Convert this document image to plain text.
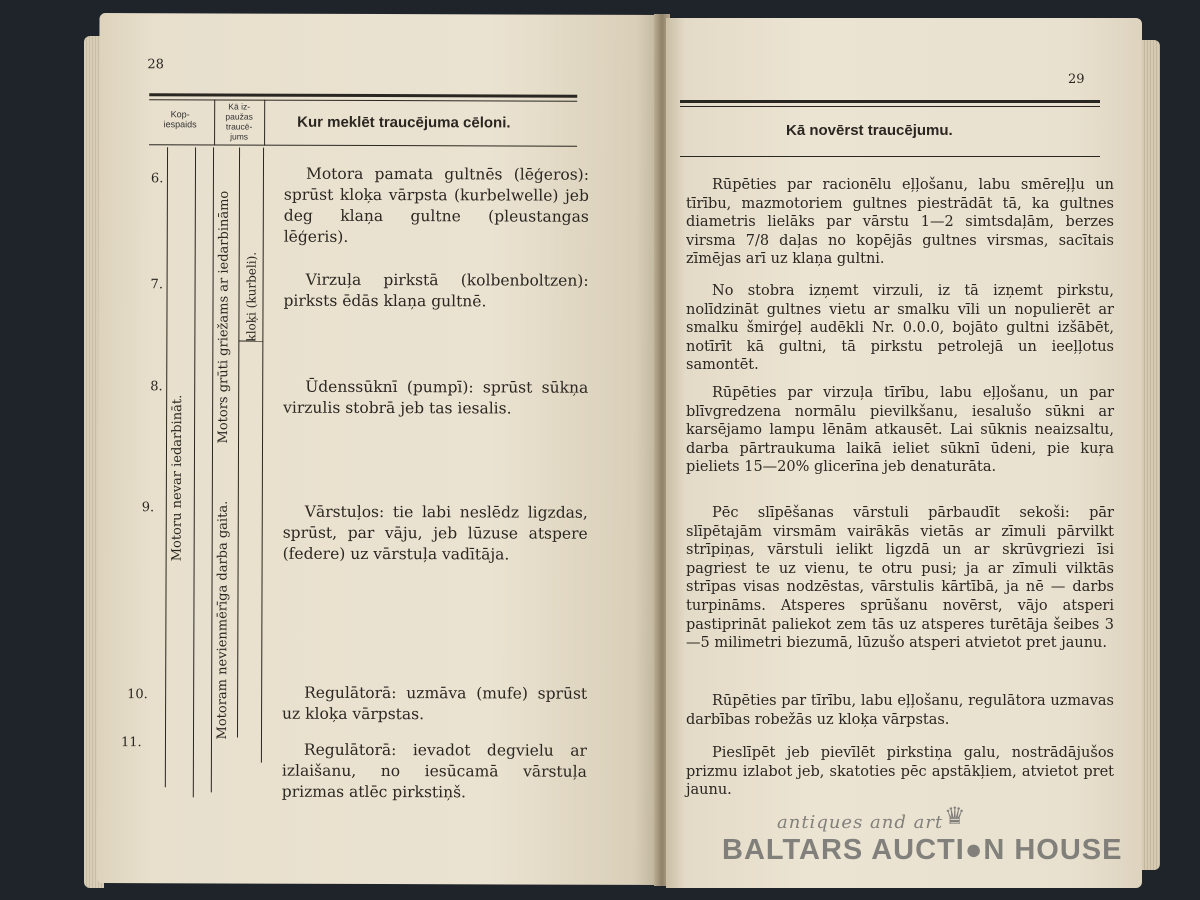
28
Kop-
iespaids
Kā iz-
paužas
traucē-
jums
Kur meklēt traucējuma cēloni.
Motoru nevar iedarbināt.
Motors grūti griežams ar iedarbināmo kloķi (kurbeli).
Motoram nevienmērīga darba gaita.
6.
7.
8.
9.
10.
11.

Motora pamata gultnēs (lēģeros): sprūst kloķa vārpsta (kurbelwelle) jeb deg klaņa gultne (pleustangas lēģeris).

Virzuļa pirkstā (kolbenboltzen): pirksts ēdās klaņa gultnē.

Ūdenssūknī (pumpī): sprūst sūkņa virzulis stobrā jeb tas iesalis.

Vārstuļos: tie labi neslēdz ligzdas, sprūst, par vāju, jeb lūzuse atspere (federe) uz vārstuļa vadītāja.

Regulātorā: uzmāva (mufe) sprūst uz kloķa vārpstas.

Regulātorā: ievadot degvielu ar izlaišanu, no iesūcamā vārstuļa prizmas atlēc pirkstiņš.

29
Kā novērst traucējumu.

Rūpēties par racionēlu eļļošanu, labu smēreļļu un tīrību, mazmotoriem gultnes piestrādāt tā, ka gultnes diametris lielāks par vārstu 1—2 simtsdaļām, berzes virsma 7/8 daļas no kopējās gultnes virsmas, sacītais zīmējas arī uz klaņa gultni.

No stobra izņemt virzuli, iz tā izņemt pirkstu, nolīdzināt gultnes vietu ar smalku vīli un nopulierēt ar smalku šmirģeļ audēkli Nr. 0.0.0, bojāto gultni izšābēt, notīrīt kā gultni, tā pirkstu petrolejā un ieeļļotus samontēt.

Rūpēties par virzuļa tīrību, labu eļļošanu, un par blīvgredzena normālu pievilkšanu, iesalušo sūkni ar karsējamo lampu lēnām atkausēt. Lai sūknis neaizsaltu, darba pārtraukuma laikā ieliet sūknī ūdeni, pie kuŗa pieliets 15—20% glicerīna jeb denaturāta.

Pēc slīpēšanas vārstuli pārbaudīt sekoši: pār slīpētajām virsmām vairākās vietās ar zīmuli pārvilkt strīpiņas, vārstuli ielikt ligzdā un ar skrūvgriezi īsi pagriest te uz vienu, te otru pusi; ja ar zīmuli vilktās strīpas visas nodzēstas, vārstulis kārtībā, ja nē — darbs turpināms. Atsperes sprūšanu novērst, vājo atsperi pastiprināt paliekot zem tās uz atsperes turētāja šeibes 3—5 milimetri biezumā, lūzušo atsperi atvietot pret jaunu.

Rūpēties par tīrību, labu eļļošanu, regulātora uzmavas darbības robežās uz kloķa vārpstas.

Pieslīpēt jeb pievīlēt pirkstiņa galu, nostrādājušos prizmu izlabot jeb, skatoties pēc apstākļiem, atvietot pret jaunu.

antiques and art ♛
BALTARS AUCTI●N HOUSE
